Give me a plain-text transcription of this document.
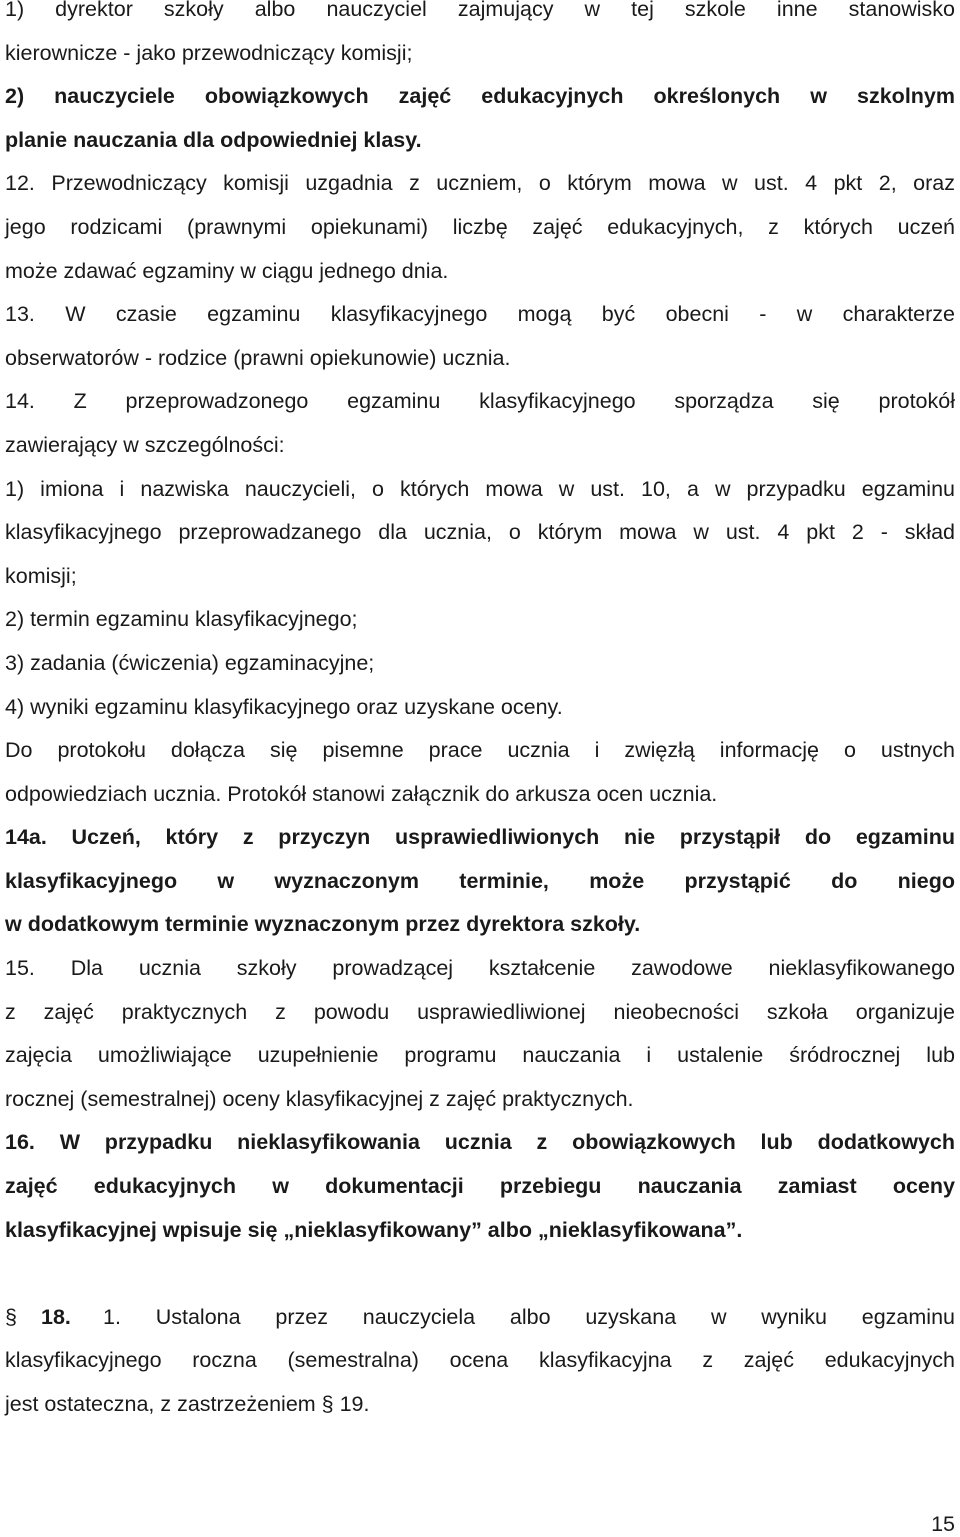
1) dyrektor szkoły albo nauczyciel zajmujący w tej szkole inne stanowisko
kierownicze - jako przewodniczący komisji;
2) nauczyciele obowiązkowych zajęć edukacyjnych określonych w szkolnym
planie nauczania dla odpowiedniej klasy.
12. Przewodniczący komisji uzgadnia z uczniem, o którym mowa w ust. 4 pkt 2, oraz
jego rodzicami (prawnymi opiekunami) liczbę zajęć edukacyjnych, z których uczeń
może zdawać egzaminy w ciągu jednego dnia.
13. W czasie egzaminu klasyfikacyjnego mogą być obecni - w charakterze
obserwatorów - rodzice (prawni opiekunowie) ucznia.
14. Z przeprowadzonego egzaminu klasyfikacyjnego sporządza się protokół
zawierający w szczególności:
1) imiona i nazwiska nauczycieli, o których mowa w ust. 10, a w przypadku egzaminu
klasyfikacyjnego przeprowadzanego dla ucznia, o którym mowa w ust. 4 pkt 2 - skład
komisji;
2) termin egzaminu klasyfikacyjnego;
3) zadania (ćwiczenia) egzaminacyjne;
4) wyniki egzaminu klasyfikacyjnego oraz uzyskane oceny.
Do protokołu dołącza się pisemne prace ucznia i zwięzłą informację o ustnych
odpowiedziach ucznia. Protokół stanowi załącznik do arkusza ocen ucznia.
14a. Uczeń, który z przyczyn usprawiedliwionych nie przystąpił do egzaminu
klasyfikacyjnego w wyznaczonym terminie, może przystąpić do niego
w dodatkowym terminie wyznaczonym przez dyrektora szkoły.
15. Dla ucznia szkoły prowadzącej kształcenie zawodowe nieklasyfikowanego
z zajęć praktycznych z powodu usprawiedliwionej nieobecności szkoła organizuje
zajęcia umożliwiające uzupełnienie programu nauczania i ustalenie śródrocznej lub
rocznej (semestralnej) oceny klasyfikacyjnej z zajęć praktycznych.
16. W przypadku nieklasyfikowania ucznia z obowiązkowych lub dodatkowych
zajęć edukacyjnych w dokumentacji przebiegu nauczania zamiast oceny
klasyfikacyjnej wpisuje się „nieklasyfikowany” albo „nieklasyfikowana”.
§	18.	1. Ustalona przez nauczyciela albo uzyskana w wyniku egzaminu
klasyfikacyjnego roczna (semestralna) ocena klasyfikacyjna z zajęć edukacyjnych
jest ostateczna, z zastrzeżeniem § 19.
15
